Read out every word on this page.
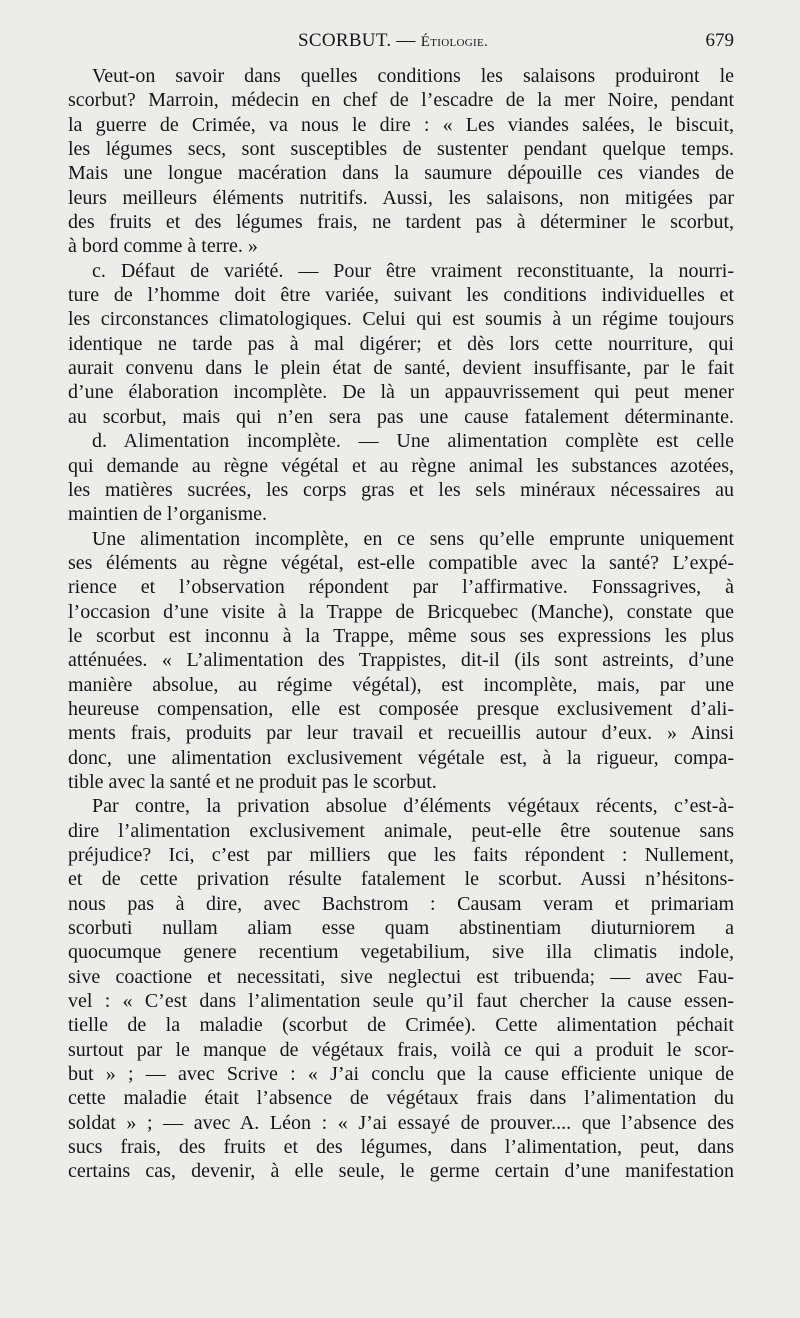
SCORBUT. — Étiologie.	679
Veut-on savoir dans quelles conditions les salaisons produiront le
scorbut? Marroin, médecin en chef de l’escadre de la mer Noire, pendant
la guerre de Crimée, va nous le dire : « Les viandes salées, le biscuit,
les légumes secs, sont susceptibles de sustenter pendant quelque temps.
Mais une longue macération dans la saumure dépouille ces viandes de
leurs meilleurs éléments nutritifs. Aussi, les salaisons, non mitigées par
des fruits et des légumes frais, ne tardent pas à déterminer le scorbut,
à bord comme à terre. »
c. Défaut de variété. — Pour être vraiment reconstituante, la nourri-
ture de l’homme doit être variée, suivant les conditions individuelles et
les circonstances climatologiques. Celui qui est soumis à un régime toujours
identique ne tarde pas à mal digérer; et dès lors cette nourriture, qui
aurait convenu dans le plein état de santé, devient insuffisante, par le fait
d’une élaboration incomplète. De là un appauvrissement qui peut mener
au scorbut, mais qui n’en sera pas une cause fatalement déterminante.
d. Alimentation incomplète. — Une alimentation complète est celle
qui demande au règne végétal et au règne animal les substances azotées,
les matières sucrées, les corps gras et les sels minéraux nécessaires au
maintien de l’organisme.
Une alimentation incomplète, en ce sens qu’elle emprunte uniquement
ses éléments au règne végétal, est-elle compatible avec la santé? L’expé-
rience et l’observation répondent par l’affirmative. Fonssagrives, à
l’occasion d’une visite à la Trappe de Bricquebec (Manche), constate que
le scorbut est inconnu à la Trappe, même sous ses expressions les plus
atténuées. « L’alimentation des Trappistes, dit-il (ils sont astreints, d’une
manière absolue, au régime végétal), est incomplète, mais, par une
heureuse compensation, elle est composée presque exclusivement d’ali-
ments frais, produits par leur travail et recueillis autour d’eux. » Ainsi
donc, une alimentation exclusivement végétale est, à la rigueur, compa-
tible avec la santé et ne produit pas le scorbut.
Par contre, la privation absolue d’éléments végétaux récents, c’est-à-
dire l’alimentation exclusivement animale, peut-elle être soutenue sans
préjudice? Ici, c’est par milliers que les faits répondent : Nullement,
et de cette privation résulte fatalement le scorbut. Aussi n’hésitons-
nous pas à dire, avec Bachstrom : Causam veram et primariam
scorbuti nullam aliam esse quam abstinentiam diuturniorem a
quocumque genere recentium vegetabilium, sive illa climatis indole,
sive coactione et necessitati, sive neglectui est tribuenda; — avec Fau-
vel : « C’est dans l’alimentation seule qu’il faut chercher la cause essen-
tielle de la maladie (scorbut de Crimée). Cette alimentation péchait
surtout par le manque de végétaux frais, voilà ce qui a produit le scor-
but » ; — avec Scrive : « J’ai conclu que la cause efficiente unique de
cette maladie était l’absence de végétaux frais dans l’alimentation du
soldat » ; — avec A. Léon : « J’ai essayé de prouver.... que l’absence des
sucs frais, des fruits et des légumes, dans l’alimentation, peut, dans
certains cas, devenir, à elle seule, le germe certain d’une manifestation
